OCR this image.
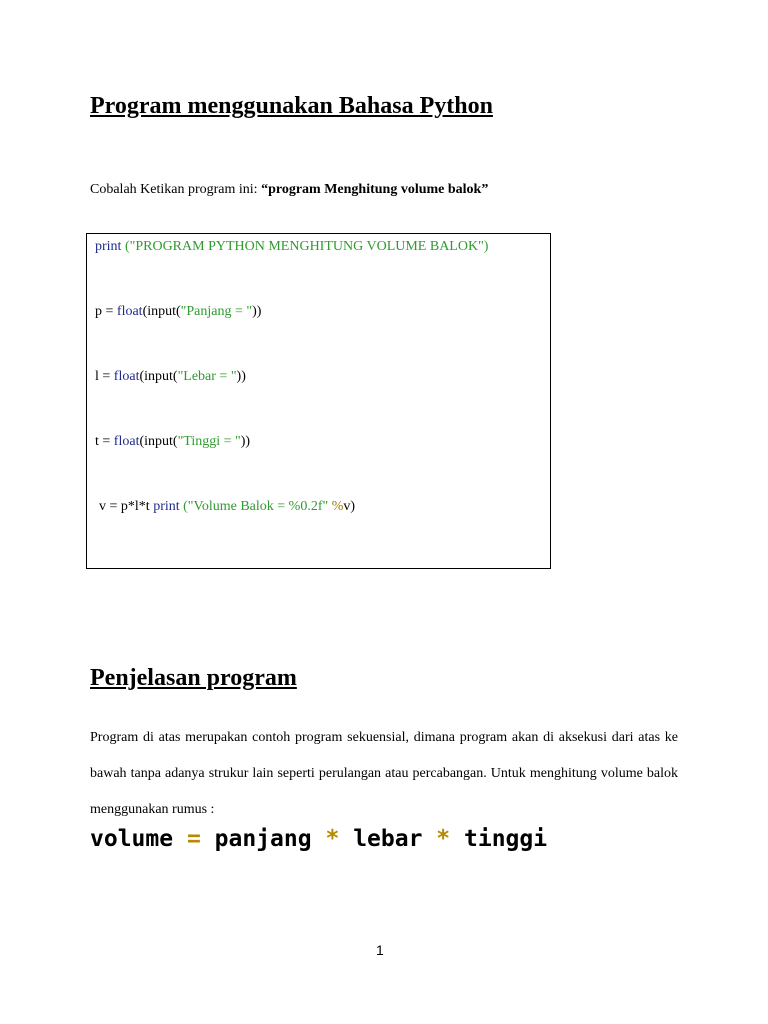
Program menggunakan Bahasa Python
Cobalah Ketikan program ini: “program Menghitung volume balok”
print ("PROGRAM PYTHON MENGHITUNG VOLUME BALOK")
p = float(input("Panjang = "))
l = float(input("Lebar = "))
t = float(input("Tinggi = "))
v = p*l*t print ("Volume Balok = %0.2f" %v)
Penjelasan program

Program di atas merupakan contoh program sekuensial, dimana program akan di aksekusi dari atas ke bawah tanpa adanya strukur lain seperti perulangan atau percabangan. Untuk menghitung volume balok menggunakan rumus :

volume = panjang * lebar * tinggi
1
